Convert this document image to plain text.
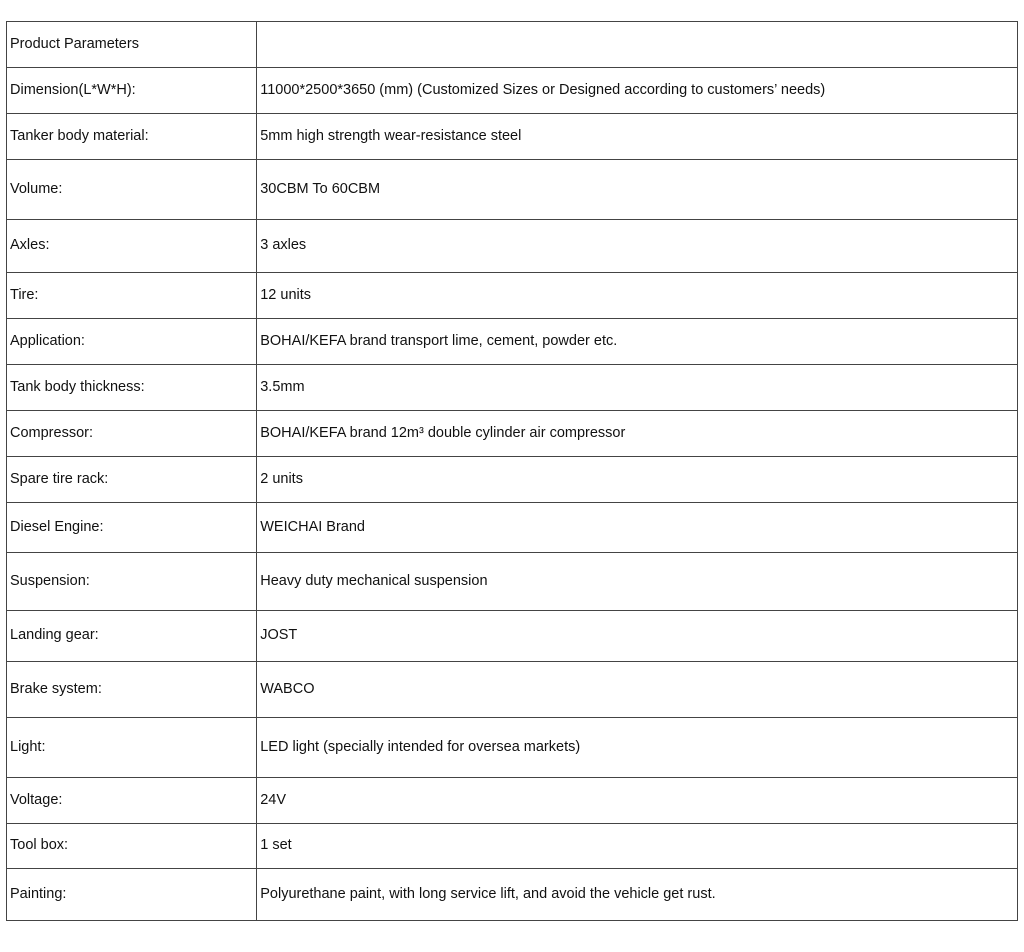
Product Parameters	
Dimension(L*W*H):	11000*2500*3650 (mm) (Customized Sizes or Designed according to customers’ needs)
Tanker body material:	5mm high strength wear-resistance steel
Volume:	30CBM To 60CBM
Axles:	3 axles
Tire:	12 units
Application:	BOHAI/KEFA brand transport lime, cement, powder etc.
Tank body thickness:	3.5mm
Compressor:	BOHAI/KEFA brand 12m³ double cylinder air compressor
Spare tire rack:	2 units
Diesel Engine:	WEICHAI Brand
Suspension:	Heavy duty mechanical suspension
Landing gear:	JOST
Brake system:	WABCO
Light:	LED light (specially intended for oversea markets)
Voltage:	24V
Tool box:	1 set
Painting:	Polyurethane paint, with long service lift, and avoid the vehicle get rust.
